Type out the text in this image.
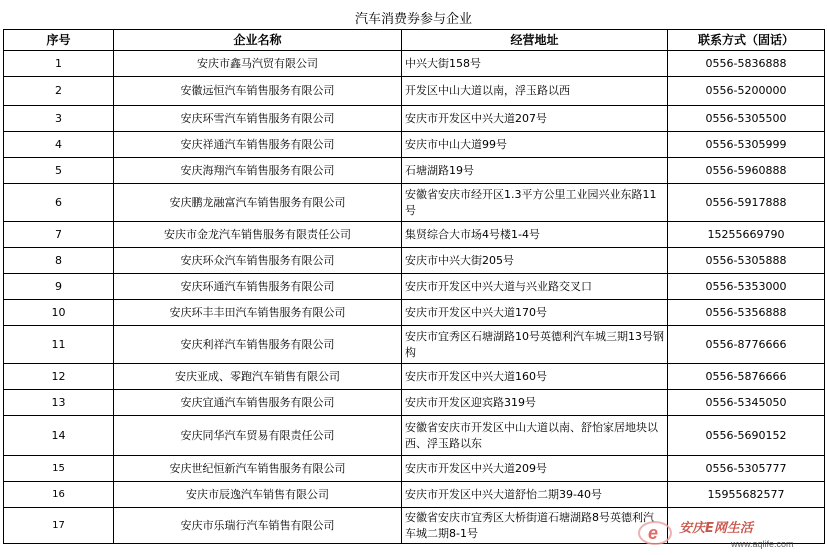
汽车消费券参与企业
序号	企业名称	经营地址	联系方式（固话）
1	安庆市鑫马汽贸有限公司	中兴大街158号	0556-5836888
2	安徽远恒汽车销售服务有限公司	开发区中山大道以南，浮玉路以西	0556-5200000
3	安庆环雪汽车销售服务有限公司	安庆市开发区中兴大道207号	0556-5305500
4	安庆祥通汽车销售服务有限公司	安庆市中山大道99号	0556-5305999
5	安庆海翔汽车销售服务有限公司	石塘湖路19号	0556-5960888
6	安庆鹏龙融富汽车销售服务有限公司	安徽省安庆市经开区1.3平方公里工业园兴业东路11号	0556-5917888
7	安庆市金龙汽车销售服务有限责任公司	集贤综合大市场4号楼1-4号	15255669790
8	安庆环众汽车销售服务有限公司	安庆市中兴大街205号	0556-5305888
9	安庆环通汽车销售服务有限公司	安庆市开发区中兴大道与兴业路交叉口	0556-5353000
10	安庆环丰丰田汽车销售服务有限公司	安庆市开发区中兴大道170号	0556-5356888
11	安庆利祥汽车销售服务有限公司	安庆市宜秀区石塘湖路10号英德利汽车城三期13号钢构	0556-8776666
12	安庆亚成、零跑汽车销售有限公司	安庆市开发区中兴大道160号	0556-5876666
13	安庆宜通汽车销售服务有限公司	安庆市开发区迎宾路319号	0556-5345050
14	安庆同华汽车贸易有限责任公司	安徽省安庆市开发区中山大道以南、舒怡家居地块以西、浮玉路以东	0556-5690152
15	安庆世纪恒新汽车销售服务有限公司	安庆市开发区中兴大道209号	0556-5305777
16	安庆市辰逸汽车销售有限公司	安庆市开发区中兴大道舒怡二期39-40号	15955682577
17	安庆市乐瑞行汽车销售有限公司	安徽省安庆市宜秀区大桥街道石塘湖路8号英德利汽车城二期8-1号		e 安庆E网生活
www.aqlife.com
